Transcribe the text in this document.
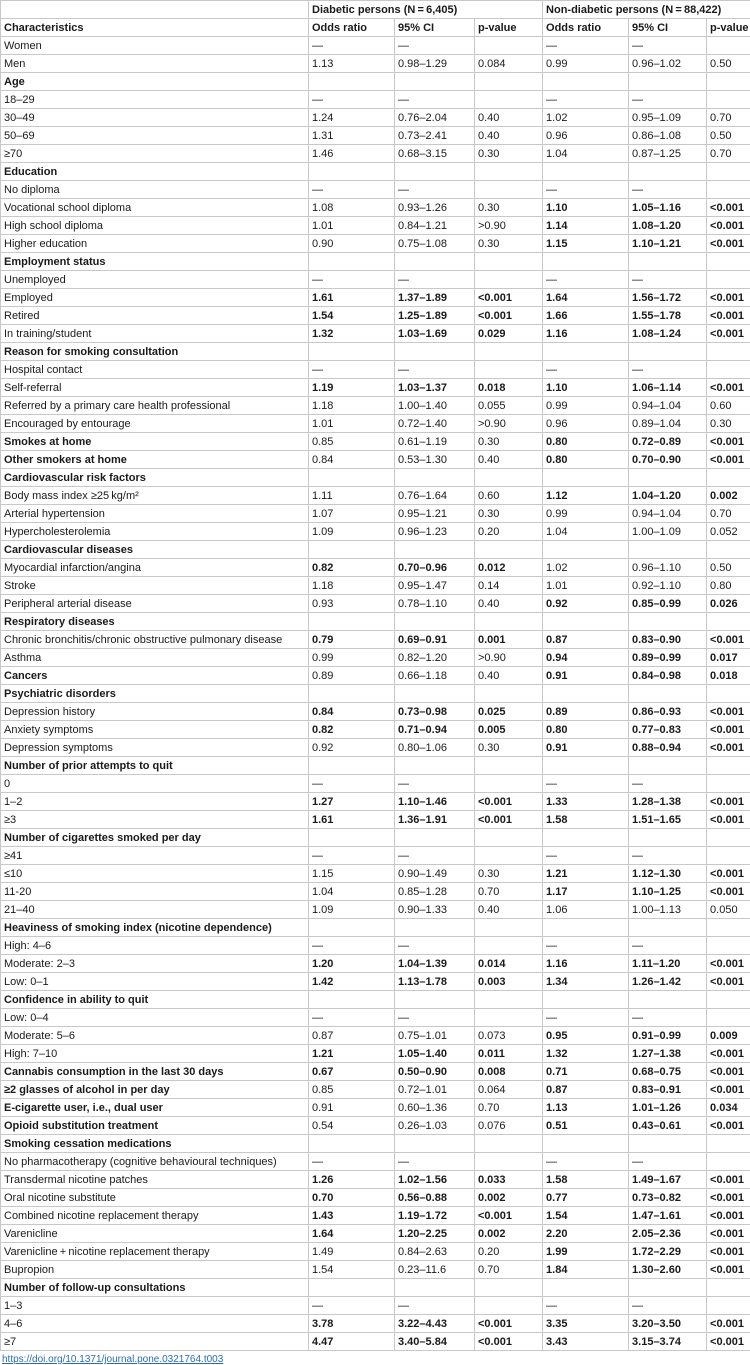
	Diabetic persons (N = 6,405)			Non-diabetic persons (N = 88,422)		
Characteristics	Odds ratio	95% CI	p-value	Odds ratio	95% CI	p-value
Women	—	—		—	—	
Men	1.13	0.98–1.29	0.084	0.99	0.96–1.02	0.50
Age						
18–29	—	—		—	—	
30–49	1.24	0.76–2.04	0.40	1.02	0.95–1.09	0.70
50–69	1.31	0.73–2.41	0.40	0.96	0.86–1.08	0.50
≥70	1.46	0.68–3.15	0.30	1.04	0.87–1.25	0.70
Education						
No diploma	—	—		—	—	
Vocational school diploma	1.08	0.93–1.26	0.30	1.10	1.05–1.16	<0.001
High school diploma	1.01	0.84–1.21	>0.90	1.14	1.08–1.20	<0.001
Higher education	0.90	0.75–1.08	0.30	1.15	1.10–1.21	<0.001
Employment status						
Unemployed	—	—		—	—	
Employed	1.61	1.37–1.89	<0.001	1.64	1.56–1.72	<0.001
Retired	1.54	1.25–1.89	<0.001	1.66	1.55–1.78	<0.001
In training/student	1.32	1.03–1.69	0.029	1.16	1.08–1.24	<0.001
Reason for smoking consultation						
Hospital contact	—	—		—	—	
Self-referral	1.19	1.03–1.37	0.018	1.10	1.06–1.14	<0.001
Referred by a primary care health professional	1.18	1.00–1.40	0.055	0.99	0.94–1.04	0.60
Encouraged by entourage	1.01	0.72–1.40	>0.90	0.96	0.89–1.04	0.30
Smokes at home	0.85	0.61–1.19	0.30	0.80	0.72–0.89	<0.001
Other smokers at home	0.84	0.53–1.30	0.40	0.80	0.70–0.90	<0.001
Cardiovascular risk factors						
Body mass index ≥25 kg/m²	1.11	0.76–1.64	0.60	1.12	1.04–1.20	0.002
Arterial hypertension	1.07	0.95–1.21	0.30	0.99	0.94–1.04	0.70
Hypercholesterolemia	1.09	0.96–1.23	0.20	1.04	1.00–1.09	0.052
Cardiovascular diseases						
Myocardial infarction/angina	0.82	0.70–0.96	0.012	1.02	0.96–1.10	0.50
Stroke	1.18	0.95–1.47	0.14	1.01	0.92–1.10	0.80
Peripheral arterial disease	0.93	0.78–1.10	0.40	0.92	0.85–0.99	0.026
Respiratory diseases						
Chronic bronchitis/chronic obstructive pulmonary disease	0.79	0.69–0.91	0.001	0.87	0.83–0.90	<0.001
Asthma	0.99	0.82–1.20	>0.90	0.94	0.89–0.99	0.017
Cancers	0.89	0.66–1.18	0.40	0.91	0.84–0.98	0.018
Psychiatric disorders						
Depression history	0.84	0.73–0.98	0.025	0.89	0.86–0.93	<0.001
Anxiety symptoms	0.82	0.71–0.94	0.005	0.80	0.77–0.83	<0.001
Depression symptoms	0.92	0.80–1.06	0.30	0.91	0.88–0.94	<0.001
Number of prior attempts to quit						
0	—	—		—	—	
1–2	1.27	1.10–1.46	<0.001	1.33	1.28–1.38	<0.001
≥3	1.61	1.36–1.91	<0.001	1.58	1.51–1.65	<0.001
Number of cigarettes smoked per day						
≥41	—	—		—	—	
≤10	1.15	0.90–1.49	0.30	1.21	1.12–1.30	<0.001
11-20	1.04	0.85–1.28	0.70	1.17	1.10–1.25	<0.001
21–40	1.09	0.90–1.33	0.40	1.06	1.00–1.13	0.050
Heaviness of smoking index (nicotine dependence)						
High: 4–6	—	—		—	—	
Moderate: 2–3	1.20	1.04–1.39	0.014	1.16	1.11–1.20	<0.001
Low: 0–1	1.42	1.13–1.78	0.003	1.34	1.26–1.42	<0.001
Confidence in ability to quit						
Low: 0–4	—	—		—	—	
Moderate: 5–6	0.87	0.75–1.01	0.073	0.95	0.91–0.99	0.009
High: 7–10	1.21	1.05–1.40	0.011	1.32	1.27–1.38	<0.001
Cannabis consumption in the last 30 days	0.67	0.50–0.90	0.008	0.71	0.68–0.75	<0.001
≥2 glasses of alcohol in per day	0.85	0.72–1.01	0.064	0.87	0.83–0.91	<0.001
E-cigarette user, i.e., dual user	0.91	0.60–1.36	0.70	1.13	1.01–1.26	0.034
Opioid substitution treatment	0.54	0.26–1.03	0.076	0.51	0.43–0.61	<0.001
Smoking cessation medications						
No pharmacotherapy (cognitive behavioural techniques)	—	—		—	—	
Transdermal nicotine patches	1.26	1.02–1.56	0.033	1.58	1.49–1.67	<0.001
Oral nicotine substitute	0.70	0.56–0.88	0.002	0.77	0.73–0.82	<0.001
Combined nicotine replacement therapy	1.43	1.19–1.72	<0.001	1.54	1.47–1.61	<0.001
Varenicline	1.64	1.20–2.25	0.002	2.20	2.05–2.36	<0.001
Varenicline + nicotine replacement therapy	1.49	0.84–2.63	0.20	1.99	1.72–2.29	<0.001
Bupropion	1.54	0.23–11.6	0.70	1.84	1.30–2.60	<0.001
Number of follow-up consultations						
1–3	—	—		—	—	
4–6	3.78	3.22–4.43	<0.001	3.35	3.20–3.50	<0.001
≥7	4.47	3.40–5.84	<0.001	3.43	3.15–3.74	<0.001
https://doi.org/10.1371/journal.pone.0321764.t003
